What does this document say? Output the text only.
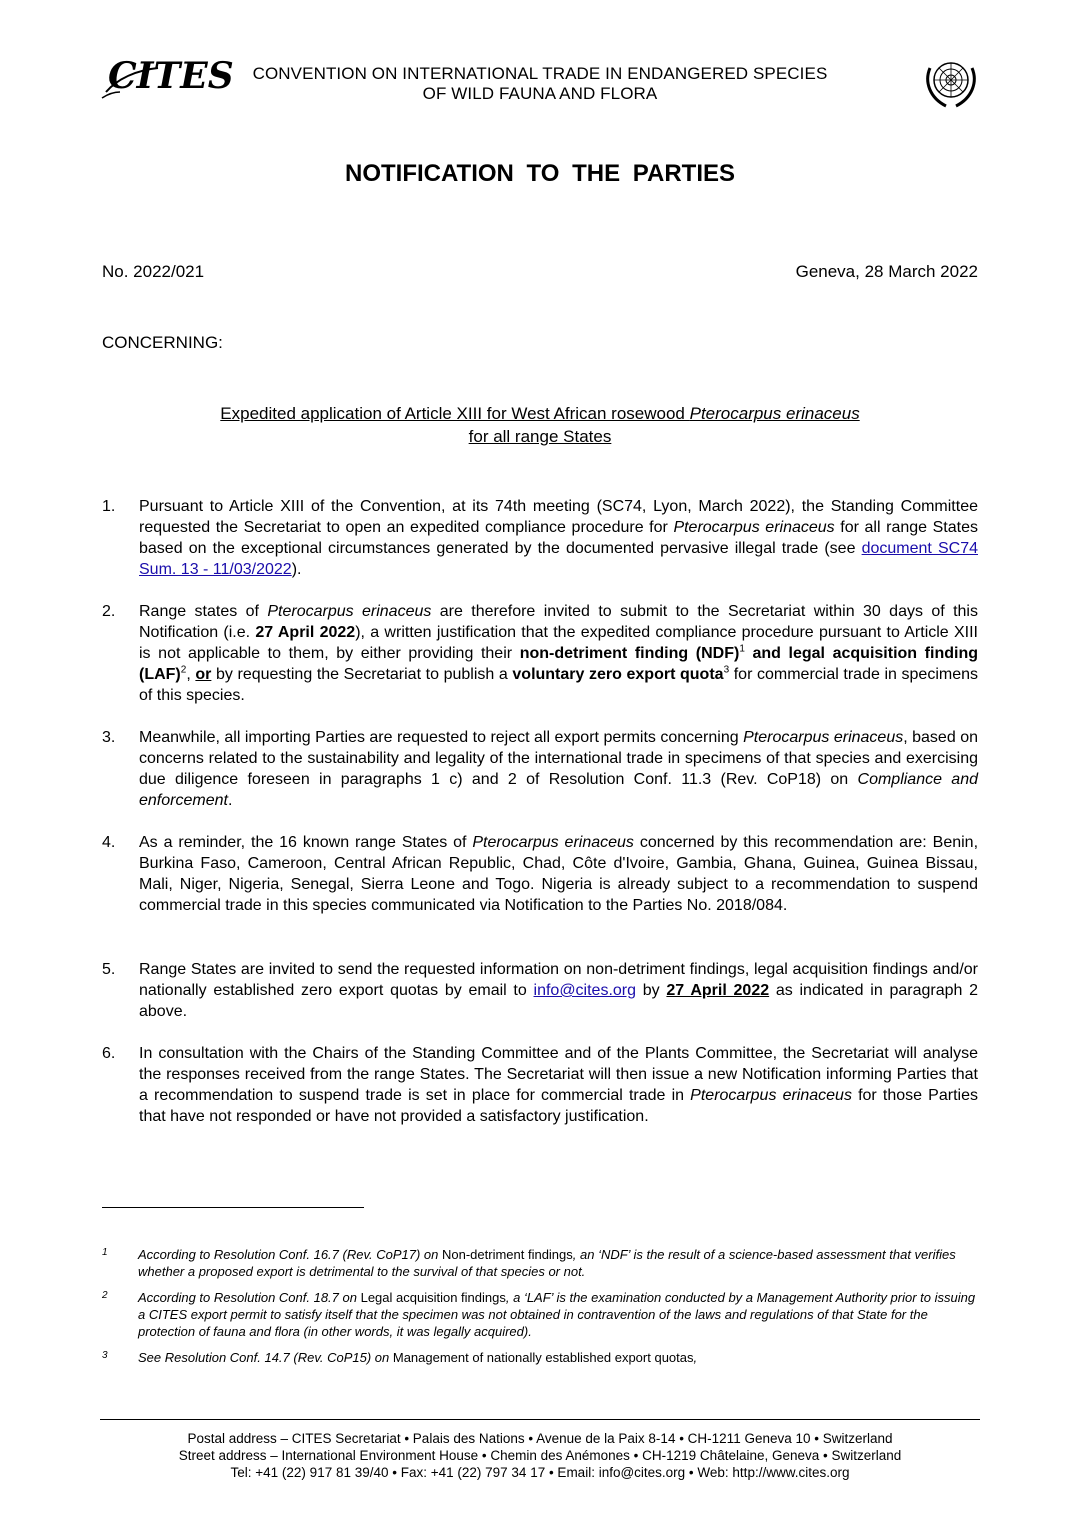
CITES	CONVENTION ON INTERNATIONAL TRADE IN ENDANGERED SPECIES
OF WILD FAUNA AND FLORA
NOTIFICATION TO THE PARTIES
No. 2022/021	Geneva, 28 March 2022
CONCERNING:
Expedited application of Article XIII for West African rosewood Pterocarpus erinaceus
for all range States
1. Pursuant to Article XIII of the Convention, at its 74th meeting (SC74, Lyon, March 2022), the Standing Committee requested the Secretariat to open an expedited compliance procedure for Pterocarpus erinaceus for all range States based on the exceptional circumstances generated by the documented pervasive illegal trade (see document SC74 Sum. 13 - 11/03/2022).
2. Range states of Pterocarpus erinaceus are therefore invited to submit to the Secretariat within 30 days of this Notification (i.e. 27 April 2022), a written justification that the expedited compliance procedure pursuant to Article XIII is not applicable to them, by either providing their non-detriment finding (NDF)$^1$ and legal acquisition finding (LAF)$^2$, or by requesting the Secretariat to publish a voluntary zero export quota$^3$ for commercial trade in specimens of this species.
3. Meanwhile, all importing Parties are requested to reject all export permits concerning Pterocarpus erinaceus, based on concerns related to the sustainability and legality of the international trade in specimens of that species and exercising due diligence foreseen in paragraphs 1 c) and 2 of Resolution Conf. 11.3 (Rev. CoP18) on Compliance and enforcement.
4. As a reminder, the 16 known range States of Pterocarpus erinaceus concerned by this recommendation are: Benin, Burkina Faso, Cameroon, Central African Republic, Chad, Côte d'Ivoire, Gambia, Ghana, Guinea, Guinea Bissau, Mali, Niger, Nigeria, Senegal, Sierra Leone and Togo. Nigeria is already subject to a recommendation to suspend commercial trade in this species communicated via Notification to the Parties No. 2018/084.
5. Range States are invited to send the requested information on non-detriment findings, legal acquisition findings and/or nationally established zero export quotas by email to info@cites.org by 27 April 2022 as indicated in paragraph 2 above.
6. In consultation with the Chairs of the Standing Committee and of the Plants Committee, the Secretariat will analyse the responses received from the range States. The Secretariat will then issue a new Notification informing Parties that a recommendation to suspend trade is set in place for commercial trade in Pterocarpus erinaceus for those Parties that have not responded or have not provided a satisfactory justification.
1 According to Resolution Conf. 16.7 (Rev. CoP17) on Non-detriment findings, an ‘NDF’ is the result of a science-based assessment that verifies whether a proposed export is detrimental to the survival of that species or not.
2 According to Resolution Conf. 18.7 on Legal acquisition findings, a ‘LAF’ is the examination conducted by a Management Authority prior to issuing a CITES export permit to satisfy itself that the specimen was not obtained in contravention of the laws and regulations of that State for the protection of fauna and flora (in other words, it was legally acquired).
3 See Resolution Conf. 14.7 (Rev. CoP15) on Management of nationally established export quotas,
Postal address – CITES Secretariat • Palais des Nations • Avenue de la Paix 8-14 • CH-1211 Geneva 10 • Switzerland
Street address – International Environment House • Chemin des Anémones • CH-1219 Châtelaine, Geneva • Switzerland
Tel: +41 (22) 917 81 39/40 • Fax: +41 (22) 797 34 17 • Email: info@cites.org • Web: http://www.cites.org
